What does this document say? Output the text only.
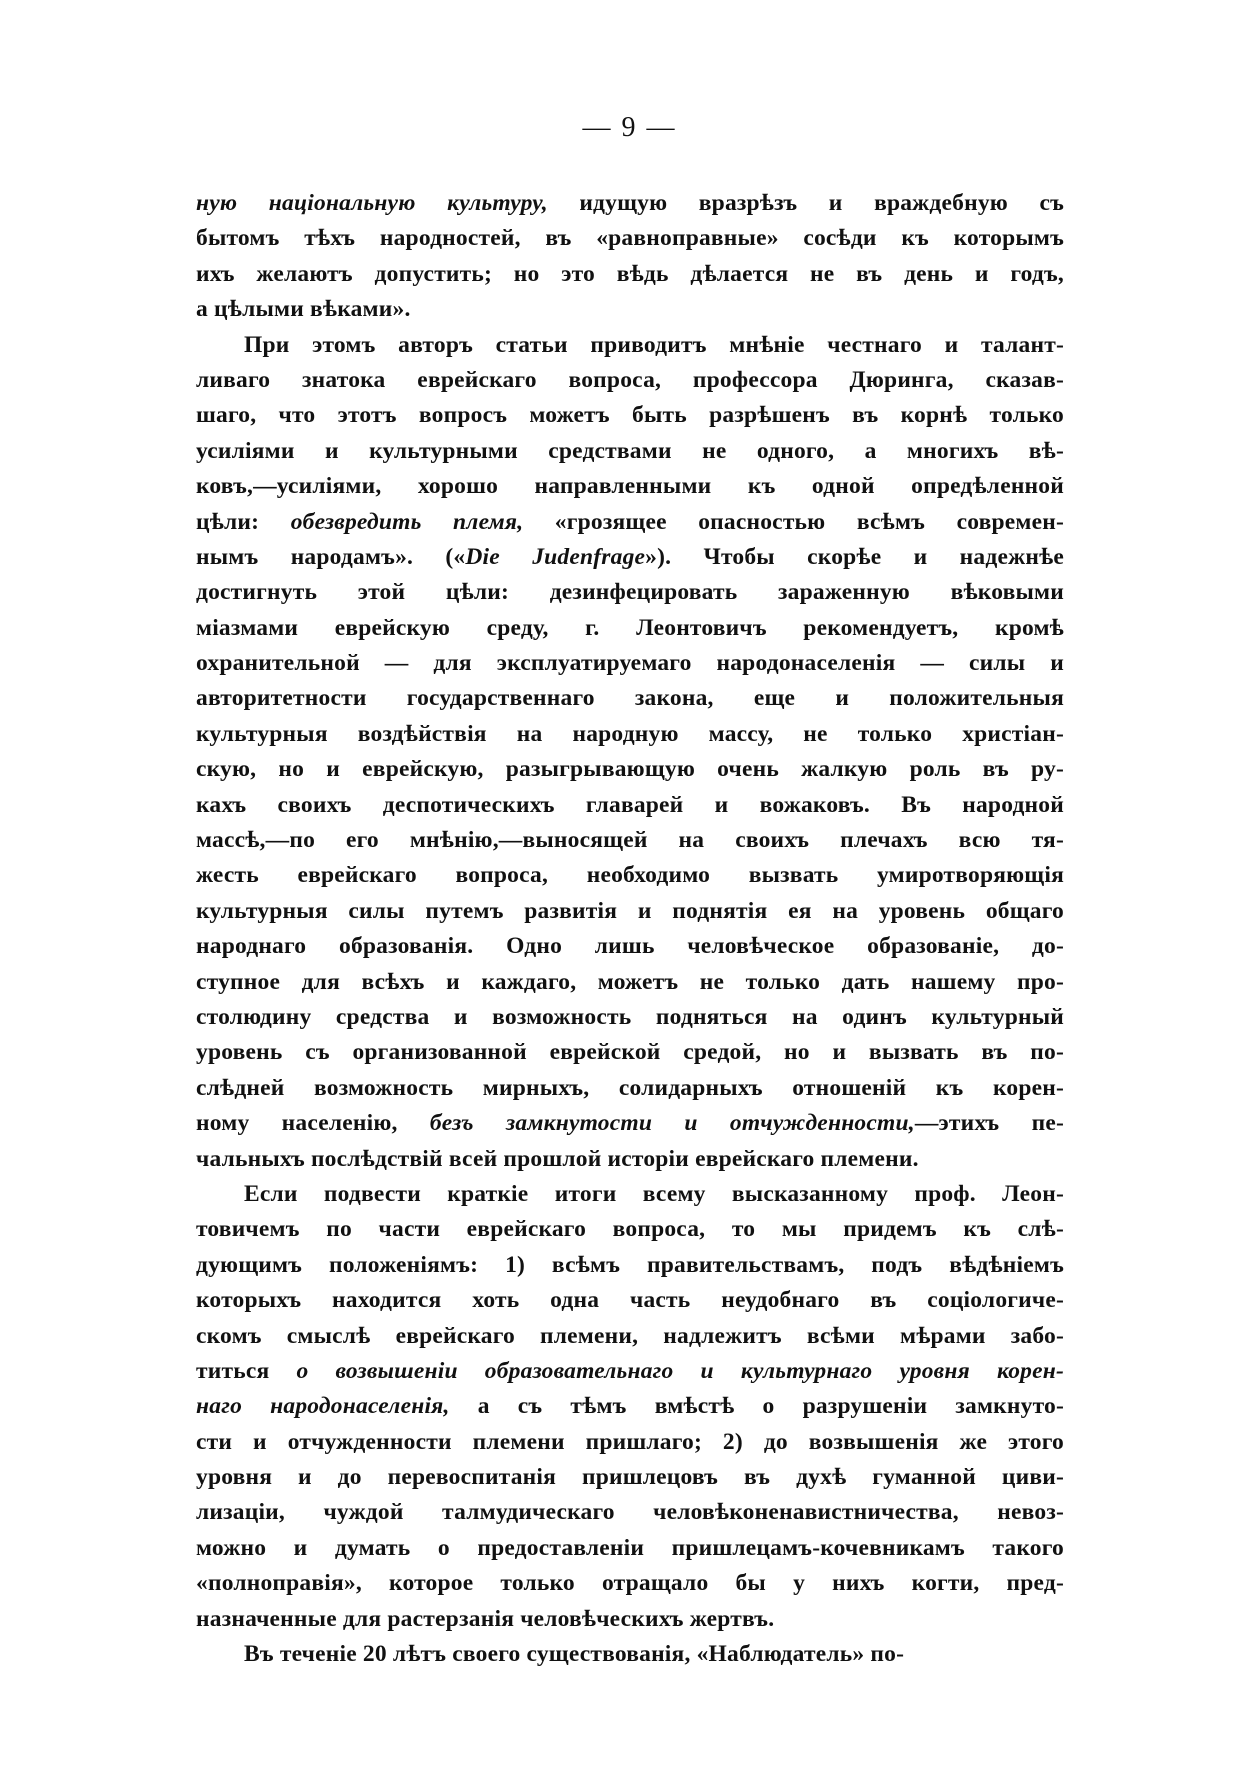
— 9 —
ную національную культуру, идущую вразрѣзъ и враждебную съ
бытомъ тѣхъ народностей, въ «равноправные» сосѣди къ которымъ
ихъ желаютъ допустить; но это вѣдь дѣлается не въ день и годъ,
а цѣлыми вѣками».
При этомъ авторъ статьи приводитъ мнѣніе честнаго и талант-
ливаго знатока еврейскаго вопроса, профессора Дюринга, сказав-
шаго, что этотъ вопросъ можетъ быть разрѣшенъ въ корнѣ только
усиліями и культурными средствами не одного, а многихъ вѣ-
ковъ,—усиліями, хорошо направленными къ одной опредѣленной
цѣли: обезвредить племя, «грозящее опасностью всѣмъ современ-
нымъ народамъ». («Die Judenfrage»). Чтобы скорѣе и надежнѣе
достигнуть этой цѣли: дезинфецировать зараженную вѣковыми
міазмами еврейскую среду, г. Леонтовичъ рекомендуетъ, кромѣ
охранительной — для эксплуатируемаго народонаселенія — силы и
авторитетности государственнаго закона, еще и положительныя
культурныя воздѣйствія на народную массу, не только христіан-
скую, но и еврейскую, разыгрывающую очень жалкую роль въ ру-
кахъ своихъ деспотическихъ главарей и вожаковъ. Въ народной
массѣ,—по его мнѣнію,—выносящей на своихъ плечахъ всю тя-
жесть еврейскаго вопроса, необходимо вызвать умиротворяющія
культурныя силы путемъ развитія и поднятія ея на уровень общаго
народнаго образованія. Одно лишь человѣческое образованіе, до-
ступное для всѣхъ и каждаго, можетъ не только дать нашему про-
столюдину средства и возможность подняться на одинъ культурный
уровень съ организованной еврейской средой, но и вызвать въ по-
слѣдней возможность мирныхъ, солидарныхъ отношеній къ корен-
ному населенію, безъ замкнутости и отчужденности,—этихъ пе-
чальныхъ послѣдствій всей прошлой исторіи еврейскаго племени.
Если подвести краткіе итоги всему высказанному проф. Леон-
товичемъ по части еврейскаго вопроса, то мы придемъ къ слѣ-
дующимъ положеніямъ: 1) всѣмъ правительствамъ, подъ вѣдѣніемъ
которыхъ находится хоть одна часть неудобнаго въ соціологиче-
скомъ смыслѣ еврейскаго племени, надлежитъ всѣми мѣрами забо-
титься о возвышеніи образовательнаго и культурнаго уровня корен-
наго народонаселенія, а съ тѣмъ вмѣстѣ о разрушеніи замкнуто-
сти и отчужденности племени пришлаго; 2) до возвышенія же этого
уровня и до перевоспитанія пришлецовъ въ духѣ гуманной циви-
лизаціи, чуждой талмудическаго человѣконенавистничества, невоз-
можно и думать о предоставленіи пришлецамъ-кочевникамъ такого
«полноправія», которое только отращало бы у нихъ когти, пред-
назначенные для растерзанія человѣческихъ жертвъ.
Въ теченіе 20 лѣтъ своего существованія, «Наблюдатель» по-
